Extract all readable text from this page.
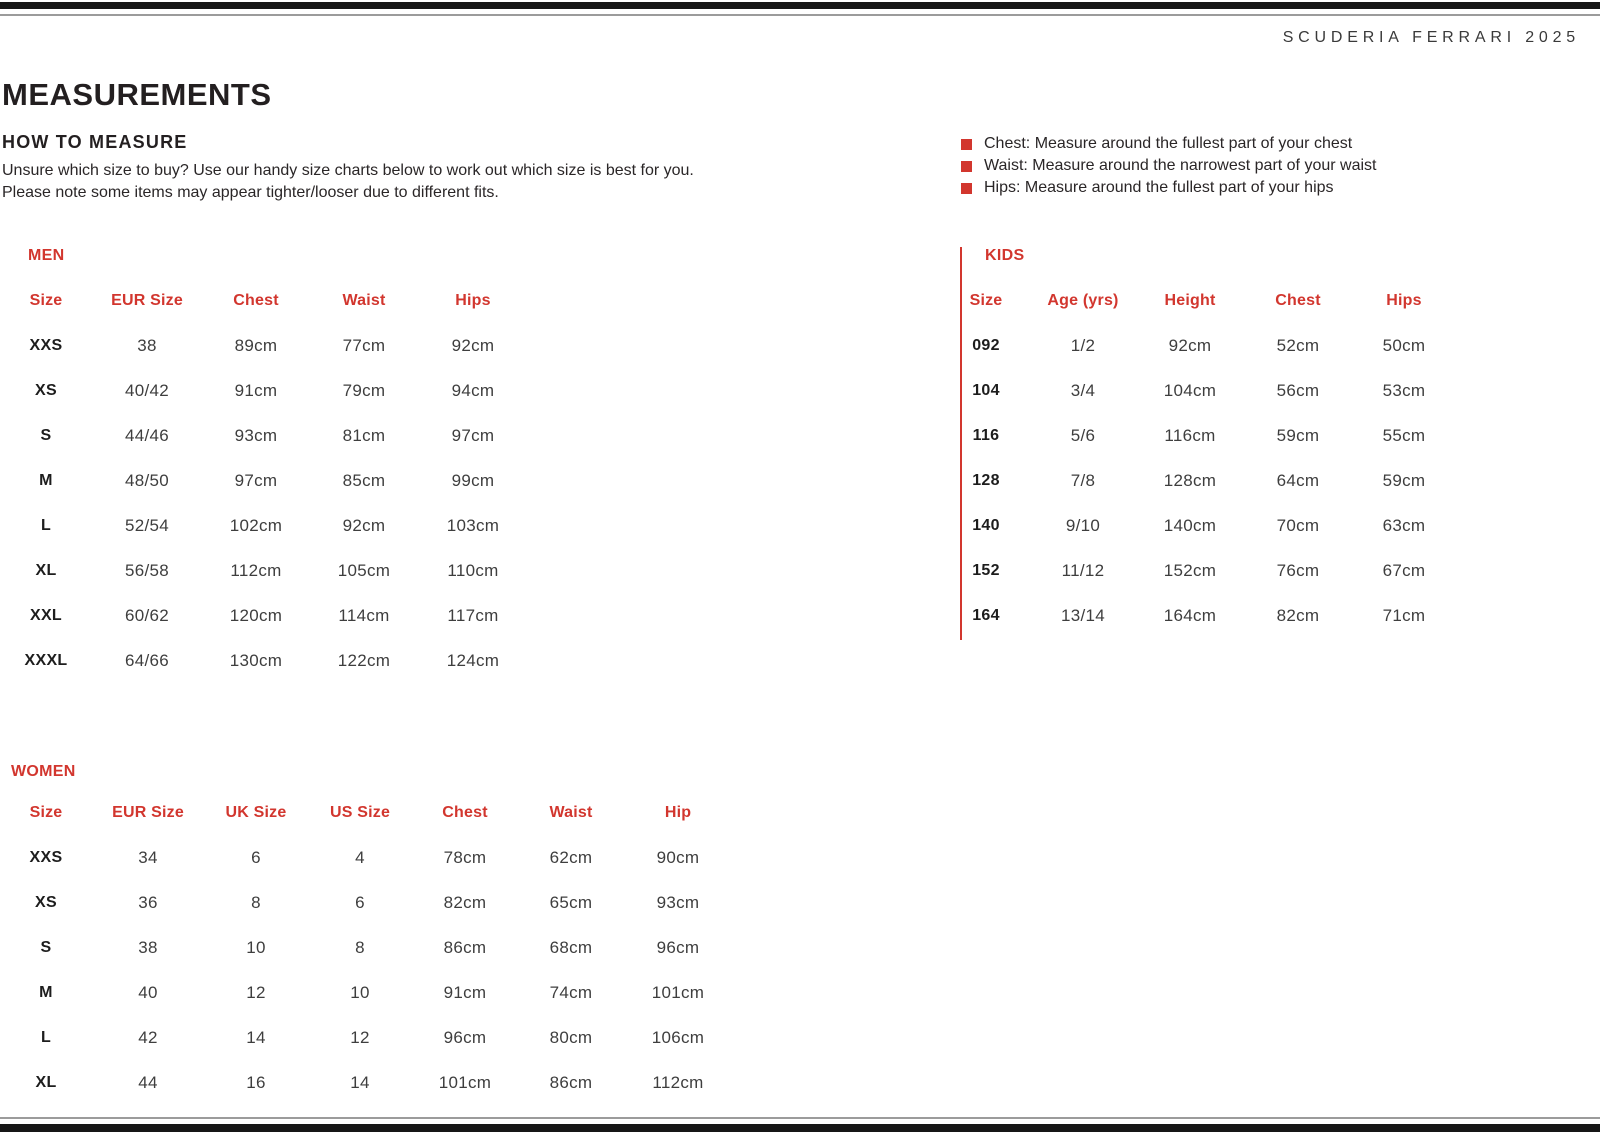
SCUDERIA FERRARI 2025
MEASUREMENTS
HOW TO MEASURE

Unsure which size to buy? Use our handy size charts below to work out which size is best for you.

Please note some items may appear tighter/looser due to different fits.

Chest: Measure around the fullest part of your chest
Waist: Measure around the narrowest part of your waist
Hips: Measure around the fullest part of your hips
MEN
Size	EUR Size	Chest	Waist	Hips
XXS	38	89cm	77cm	92cm
XS	40/42	91cm	79cm	94cm
S	44/46	93cm	81cm	97cm
M	48/50	97cm	85cm	99cm
L	52/54	102cm	92cm	103cm
XL	56/58	112cm	105cm	110cm
XXL	60/62	120cm	114cm	117cm
XXXL	64/66	130cm	122cm	124cm
KIDS
Size	Age (yrs)	Height	Chest	Hips
092	1/2	92cm	52cm	50cm
104	3/4	104cm	56cm	53cm
116	5/6	116cm	59cm	55cm
128	7/8	128cm	64cm	59cm
140	9/10	140cm	70cm	63cm
152	11/12	152cm	76cm	67cm
164	13/14	164cm	82cm	71cm
WOMEN
Size	EUR Size	UK Size	US Size	Chest	Waist	Hip
XXS	34	6	4	78cm	62cm	90cm
XS	36	8	6	82cm	65cm	93cm
S	38	10	8	86cm	68cm	96cm
M	40	12	10	91cm	74cm	101cm
L	42	14	12	96cm	80cm	106cm
XL	44	16	14	101cm	86cm	112cm
